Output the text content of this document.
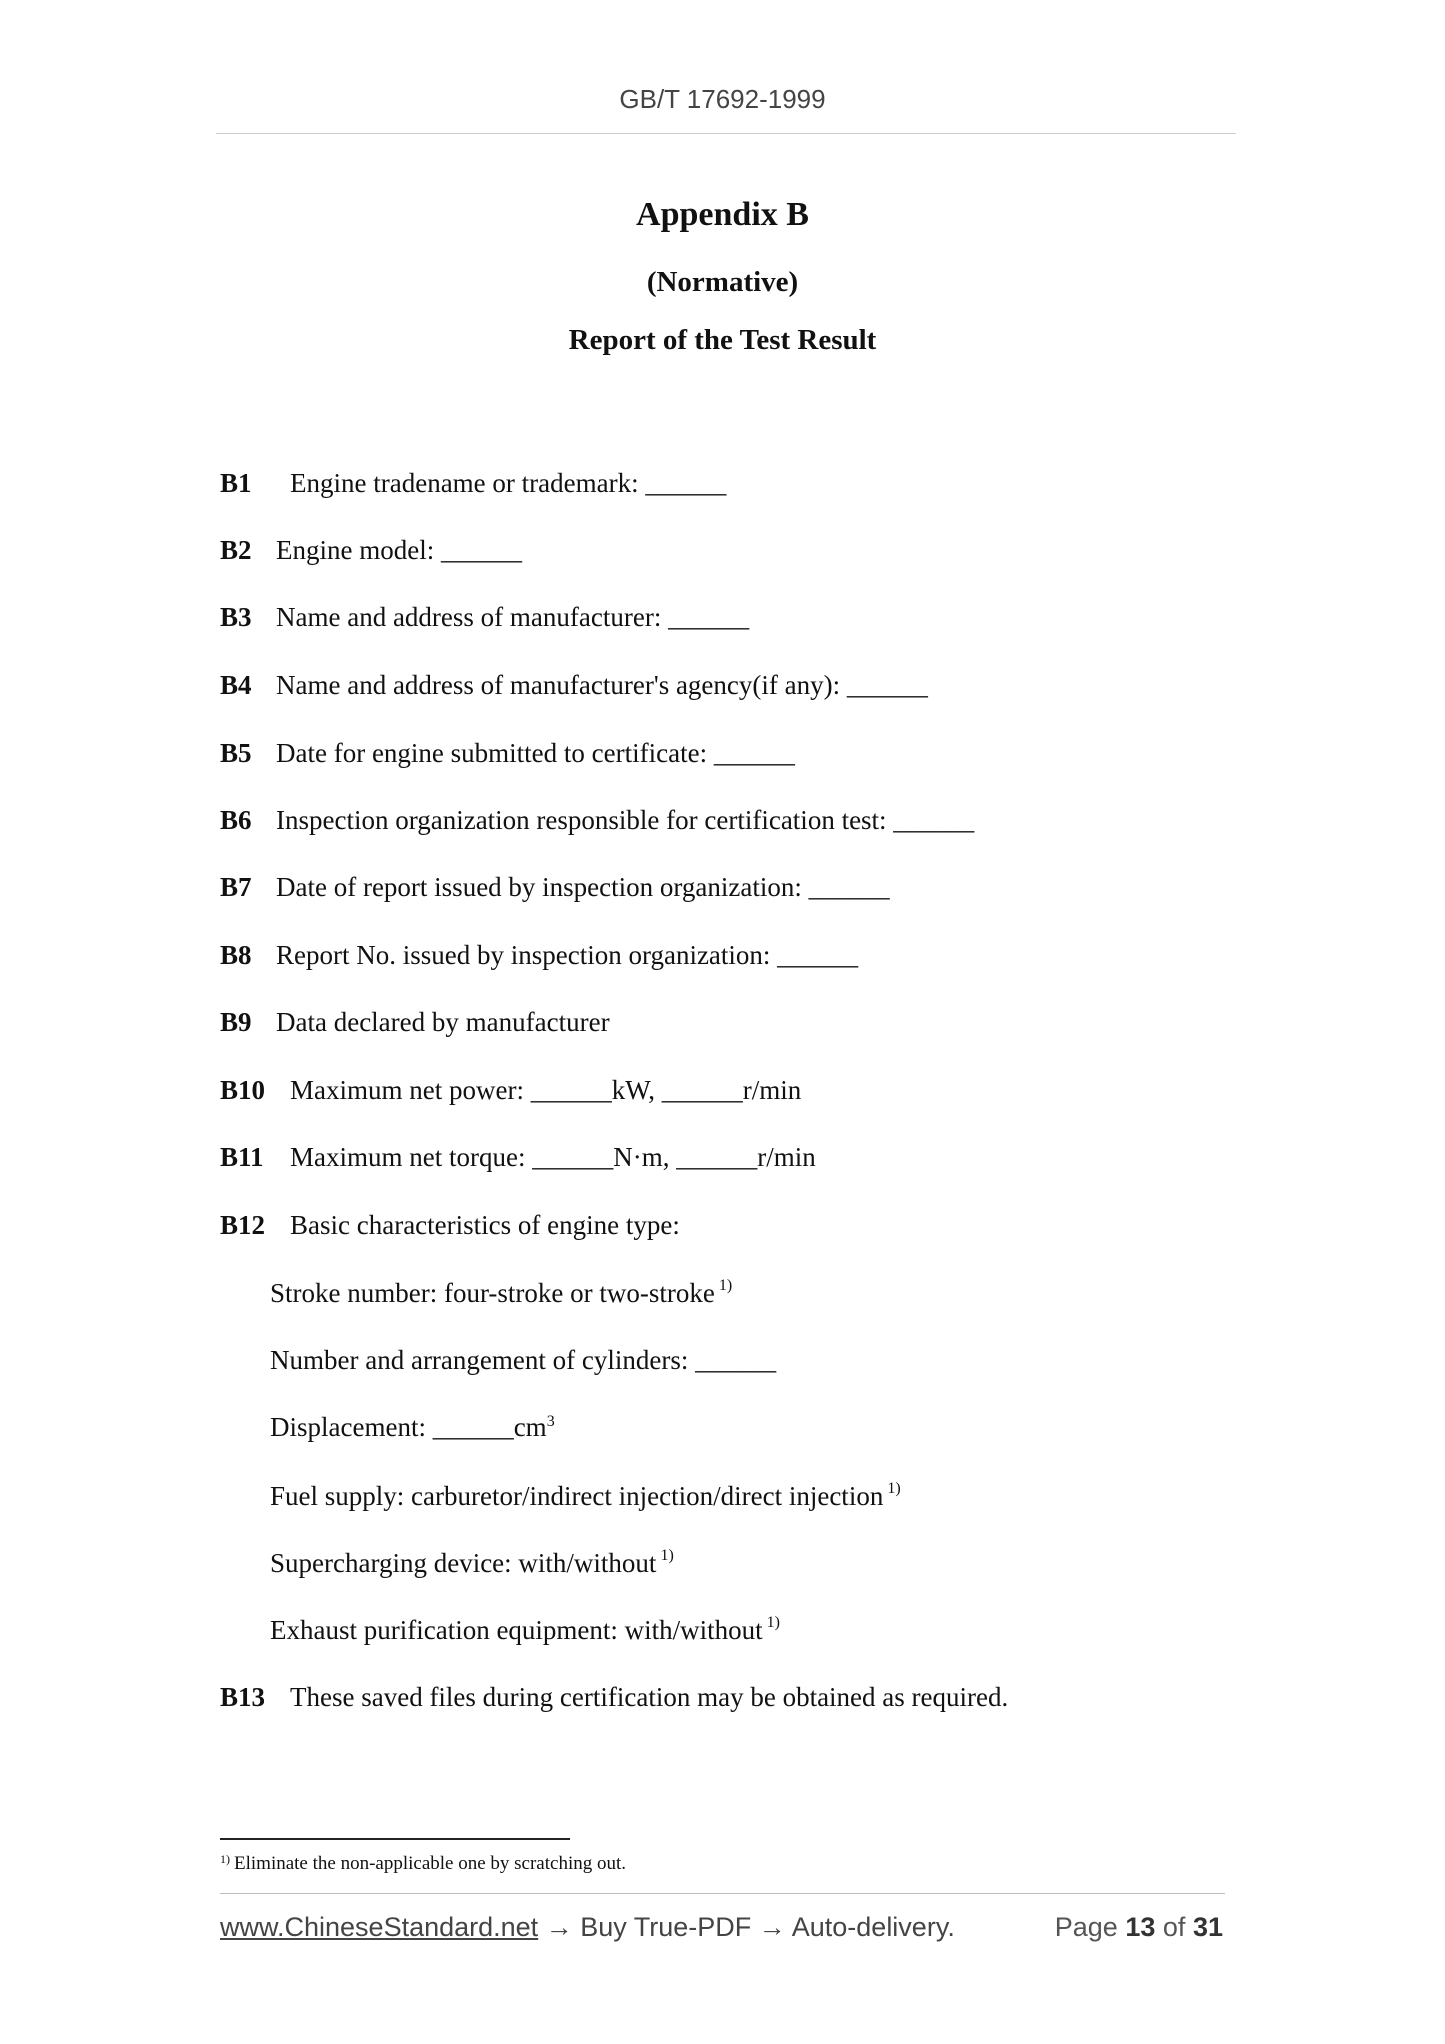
GB/T 17692-1999
Appendix B
(Normative)
Report of the Test Result
B1 Engine tradename or trademark: ______
B2 Engine model: ______
B3 Name and address of manufacturer: ______
B4 Name and address of manufacturer's agency(if any): ______
B5 Date for engine submitted to certificate: ______
B6 Inspection organization responsible for certification test: ______
B7 Date of report issued by inspection organization: ______
B8 Report No. issued by inspection organization: ______
B9 Data declared by manufacturer
B10 Maximum net power: ______kW, ______r/min
B11 Maximum net torque: ______N·m, ______r/min
B12 Basic characteristics of engine type:
Stroke number: four-stroke or two-stroke $^{1)}$
Number and arrangement of cylinders: ______
Displacement: $\_\_\_\_\_\_cm^3$
Fuel supply: carburetor/indirect injection/direct injection $^{1)}$
Supercharging device: with/without $^{1)}$
Exhaust purification equipment: with/without $^{1)}$
B13 These saved files during certification may be obtained as required.
$^{1)}$ Eliminate the non-applicable one by scratching out.
www.ChineseStandard.net → Buy True-PDF → Auto-delivery.	Page 13 of 31
